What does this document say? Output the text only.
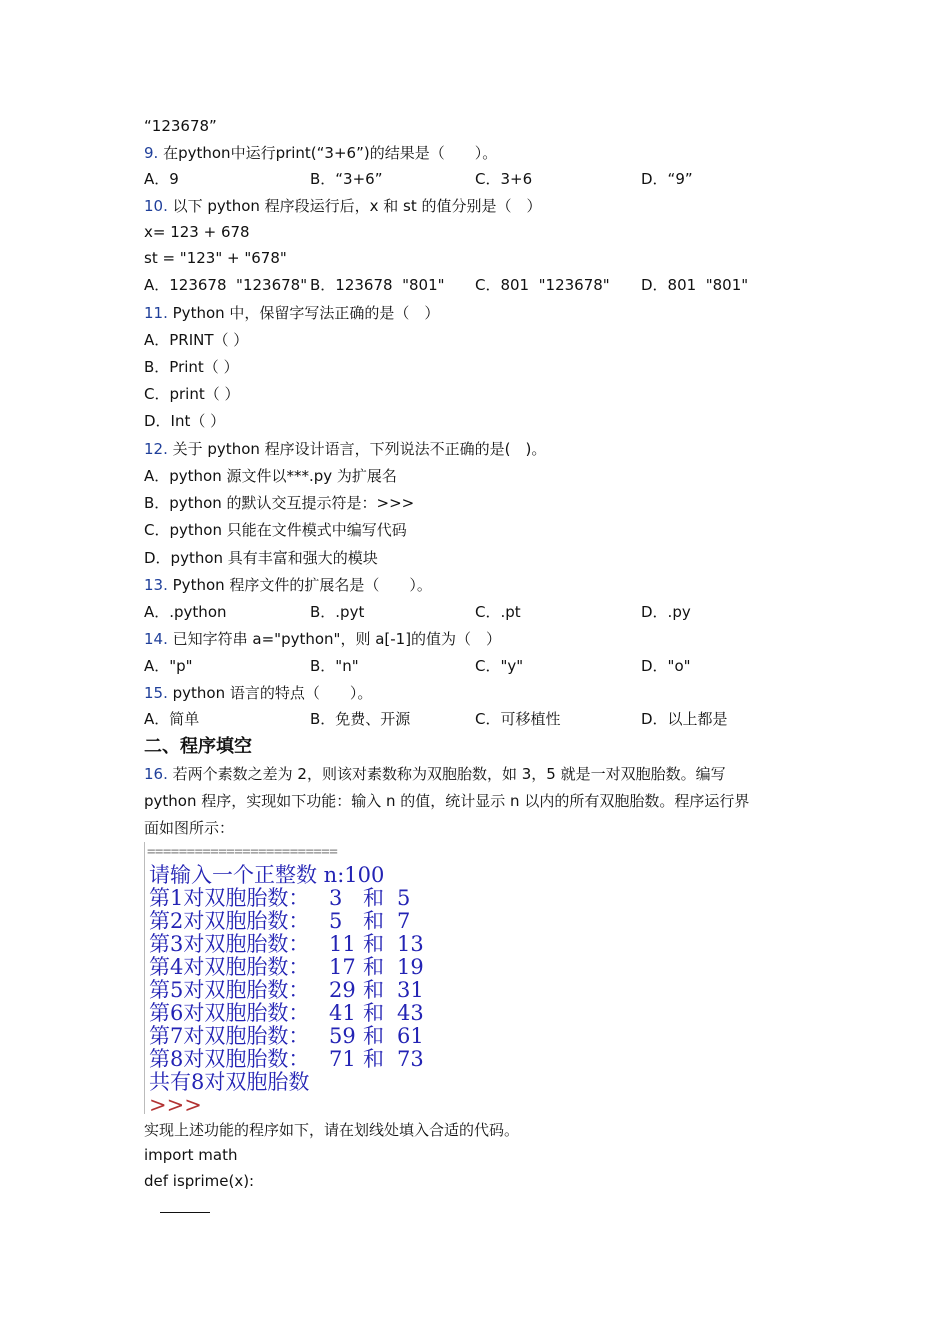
“123678”
9. 在python中运行print(“3+6”)的结果是（　　）。
A．9	B．“3+6”	C．3+6	D．“9”
10. 以下 python 程序段运行后，x 和 st 的值分别是（　）
x= 123 + 678
st = "123" + "678"
A．123678  "123678" B．123678  "801" C．801  "123678" D．801  "801"
11. Python 中，保留字写法正确的是（　）
A．PRINT（ ）
B．Print（ ）
C．print（ ）
D．Int（ ）
12. 关于 python 程序设计语言，下列说法不正确的是(　)。
A．python 源文件以***.py 为扩展名
B．python 的默认交互提示符是：>>>
C．python 只能在文件模式中编写代码
D．python 具有丰富和强大的模块
13. Python 程序文件的扩展名是（　　）。
A．.python	B．.pyt	C．.pt	D．.py
14. 已知字符串 a="python"，则 a[-1]的值为（　）
A．"p"	B．"n"	C．"y"	D．"o"
15. python 语言的特点（　　）。
A．简单	B．免费、开源	C．可移植性	D．以上都是
二、程序填空
16. 若两个素数之差为 2，则该对素数称为双胞胎数，如 3，5 就是一对双胞胎数。编写
python 程序，实现如下功能：输入 n 的值，统计显示 n 以内的所有双胞胎数。程序运行界
面如图所示：
========================
请输入一个正整数 n:100
第1对双胞胎数： 3 和 5
第2对双胞胎数： 5 和 7
第3对双胞胎数： 11 和 13
第4对双胞胎数： 17 和 19
第5对双胞胎数： 29 和 31
第6对双胞胎数： 41 和 43
第7对双胞胎数： 59 和 61
第8对双胞胎数： 71 和 73
共有8对双胞胎数
>>>
实现上述功能的程序如下，请在划线处填入合适的代码。
import math
def isprime(x):
